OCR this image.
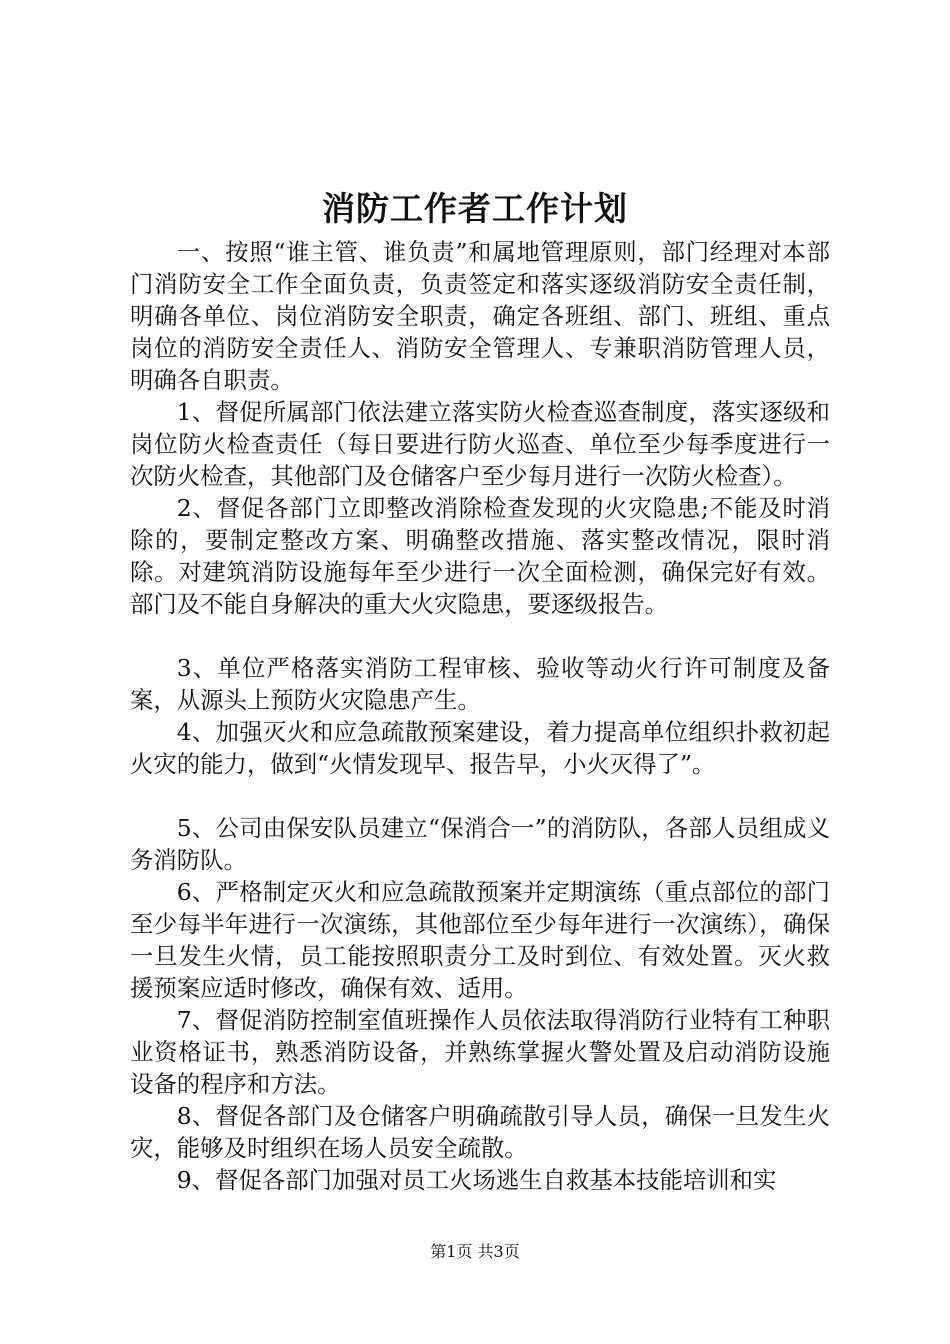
消防工作者工作计划

一、按照“谁主管、谁负责”和属地管理原则，部门经理对本部门消防安全工作全面负责，负责签定和落实逐级消防安全责任制，明确各单位、岗位消防安全职责，确定各班组、部门、班组、重点岗位的消防安全责任人、消防安全管理人、专兼职消防管理人员，明确各自职责。

1、督促所属部门依法建立落实防火检查巡查制度，落实逐级和岗位防火检查责任（每日要进行防火巡查、单位至少每季度进行一次防火检查，其他部门及仓储客户至少每月进行一次防火检查）。

2、督促各部门立即整改消除检查发现的火灾隐患;不能及时消除的，要制定整改方案、明确整改措施、落实整改情况，限时消除。对建筑消防设施每年至少进行一次全面检测，确保完好有效。部门及不能自身解决的重大火灾隐患，要逐级报告。

3、单位严格落实消防工程审核、验收等动火行许可制度及备案，从源头上预防火灾隐患产生。

4、加强灭火和应急疏散预案建设，着力提高单位组织扑救初起火灾的能力，做到“火情发现早、报告早，小火灭得了”。

5、公司由保安队员建立“保消合一”的消防队，各部人员组成义务消防队。

6、严格制定灭火和应急疏散预案并定期演练（重点部位的部门至少每半年进行一次演练，其他部位至少每年进行一次演练），确保一旦发生火情，员工能按照职责分工及时到位、有效处置。灭火救援预案应适时修改，确保有效、适用。

7、督促消防控制室值班操作人员依法取得消防行业特有工种职业资格证书，熟悉消防设备，并熟练掌握火警处置及启动消防设施设备的程序和方法。

8、督促各部门及仓储客户明确疏散引导人员，确保一旦发生火灾，能够及时组织在场人员安全疏散。

9、督促各部门加强对员工火场逃生自救基本技能培训和实

第1页 共3页
